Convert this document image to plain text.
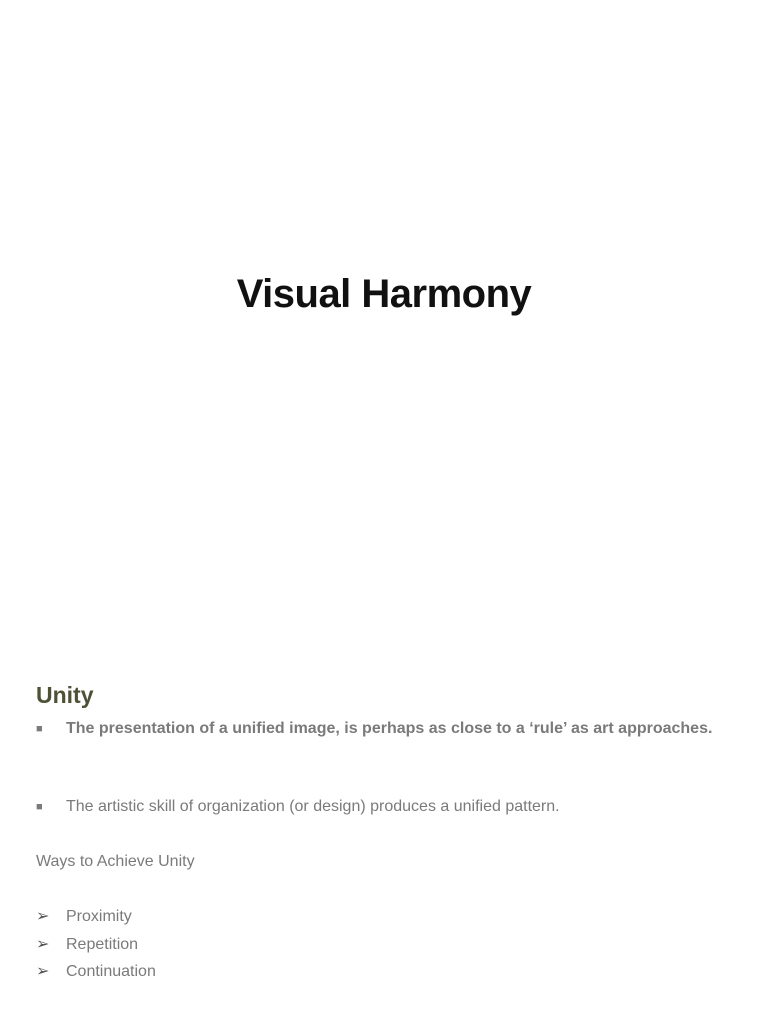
Visual Harmony
Unity
■	The presentation of a unified image, is perhaps as close to a ‘rule’ as art approaches.
■	The artistic skill of organization (or design) produces a unified pattern.
Ways to Achieve Unity
➢	Proximity
➢	Repetition
➢	Continuation
